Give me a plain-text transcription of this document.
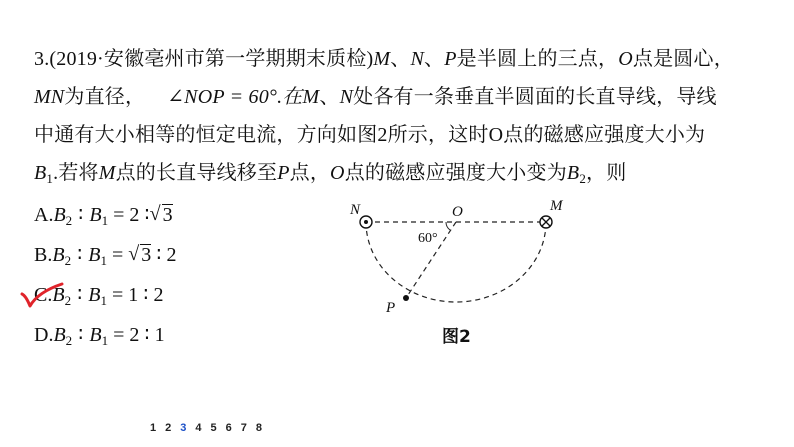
3.(2019·安徽亳州市第一学期期末质检)M、N、P是半圆上的三点，O点是圆心，
MN为直径， ∠NOP = 60°.在M、N处各有一条垂直半圆面的长直导线，导线
中通有大小相等的恒定电流，方向如图2所示，这时O点的磁感应强度大小为
$B_1$.若将M点的长直导线移至P点，O点的磁感应强度大小变为$B_2$，则
$A.B_2$ ∶ $B_1 = 2$ ∶ √ 3
$B.B_2$ ∶ $B_1$ = √ 3 ∶ 2
$C.B_2$ ∶ $B_1 = 1$ ∶ 2
$D.B_2$ ∶ $B_1 = 2$ ∶ 1
N	O	M
P
60°
图2
12345678
